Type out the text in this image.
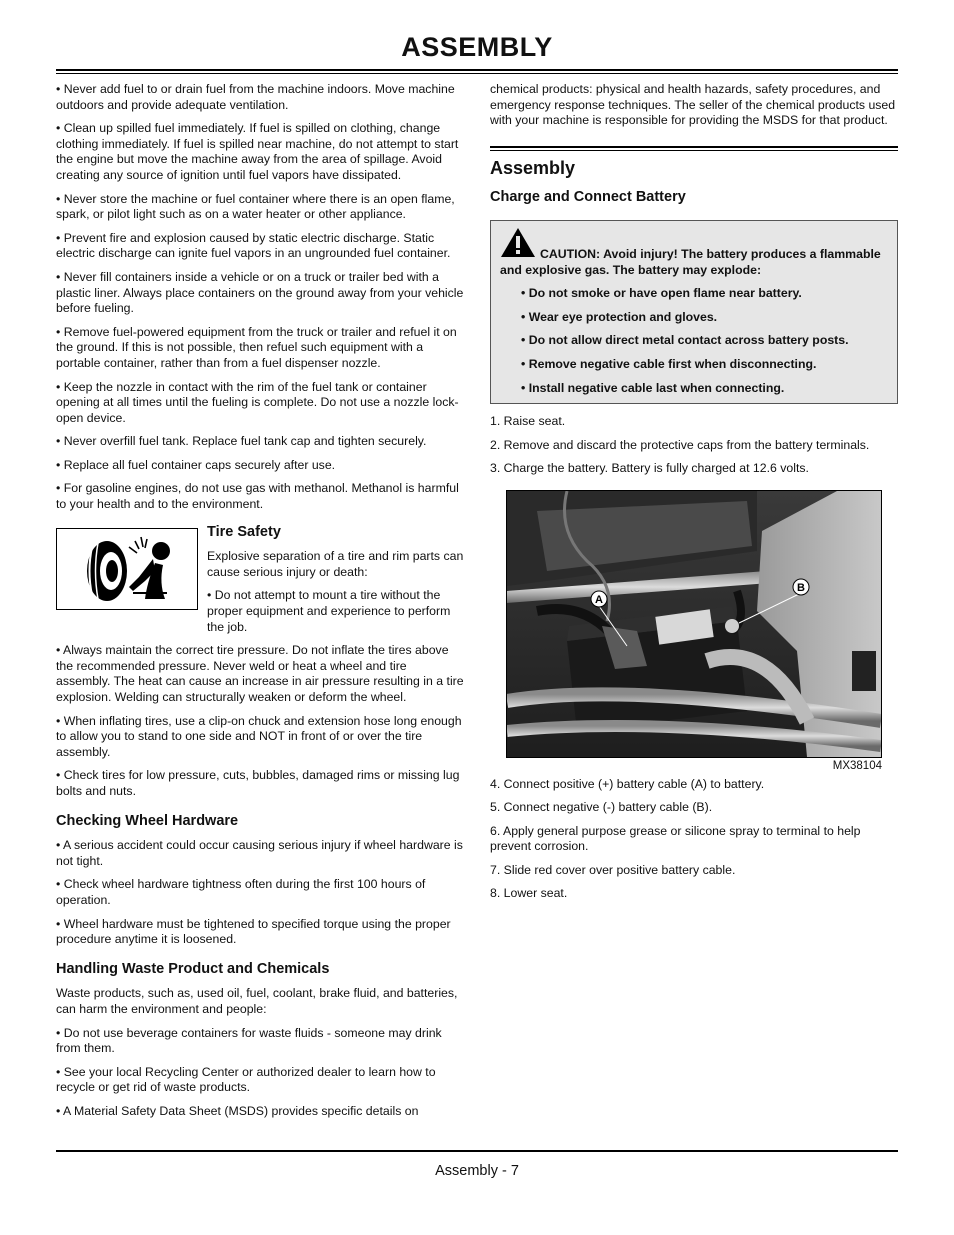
ASSEMBLY

• Never add fuel to or drain fuel from the machine indoors. Move machine outdoors and provide adequate ventilation.

• Clean up spilled fuel immediately. If fuel is spilled on clothing, change clothing immediately. If fuel is spilled near machine, do not attempt to start the engine but move the machine away from the area of spillage. Avoid creating any source of ignition until fuel vapors have dissipated.

• Never store the machine or fuel container where there is an open flame, spark, or pilot light such as on a water heater or other appliance.

• Prevent fire and explosion caused by static electric discharge. Static electric discharge can ignite fuel vapors in an ungrounded fuel container.

• Never fill containers inside a vehicle or on a truck or trailer bed with a plastic liner. Always place containers on the ground away from your vehicle before fueling.

• Remove fuel-powered equipment from the truck or trailer and refuel it on the ground. If this is not possible, then refuel such equipment with a portable container, rather than from a fuel dispenser nozzle.

• Keep the nozzle in contact with the rim of the fuel tank or container opening at all times until the fueling is complete. Do not use a nozzle lock-open device.

• Never overfill fuel tank. Replace fuel tank cap and tighten securely.

• Replace all fuel container caps securely after use.

• For gasoline engines, do not use gas with methanol. Methanol is harmful to your health and to the environment.

Tire Safety

Explosive separation of a tire and rim parts can cause serious injury or death:

• Do not attempt to mount a tire without the proper equipment and experience to perform the job.

• Always maintain the correct tire pressure. Do not inflate the tires above the recommended pressure. Never weld or heat a wheel and tire assembly. The heat can cause an increase in air pressure resulting in a tire explosion. Welding can structurally weaken or deform the wheel.

• When inflating tires, use a clip-on chuck and extension hose long enough to allow you to stand to one side and NOT in front of or over the tire assembly.

• Check tires for low pressure, cuts, bubbles, damaged rims or missing lug bolts and nuts.

Checking Wheel Hardware

• A serious accident could occur causing serious injury if wheel hardware is not tight.

• Check wheel hardware tightness often during the first 100 hours of operation.

• Wheel hardware must be tightened to specified torque using the proper procedure anytime it is loosened.

Handling Waste Product and Chemicals

Waste products, such as, used oil, fuel, coolant, brake fluid, and batteries, can harm the environment and people:

• Do not use beverage containers for waste fluids - someone may drink from them.

• See your local Recycling Center or authorized dealer to learn how to recycle or get rid of waste products.

• A Material Safety Data Sheet (MSDS) provides specific details on

chemical products: physical and health hazards, safety procedures, and emergency response techniques. The seller of the chemical products used with your machine is responsible for providing the MSDS for that product.

Assembly
Charge and Connect Battery

CAUTION: Avoid injury! The battery produces a flammable and explosive gas. The battery may explode:

• Do not smoke or have open flame near battery.
• Wear eye protection and gloves.
• Do not allow direct metal contact across battery posts.
• Remove negative cable first when disconnecting.
• Install negative cable last when connecting.

1. Raise seat.

2. Remove and discard the protective caps from the battery terminals.

3. Charge the battery. Battery is fully charged at 12.6 volts.

A
B
MX38104

4. Connect positive (+) battery cable (A) to battery.

5. Connect negative (-) battery cable (B).

6. Apply general purpose grease or silicone spray to terminal to help prevent corrosion.

7. Slide red cover over positive battery cable.

8. Lower seat.

Assembly - 7
